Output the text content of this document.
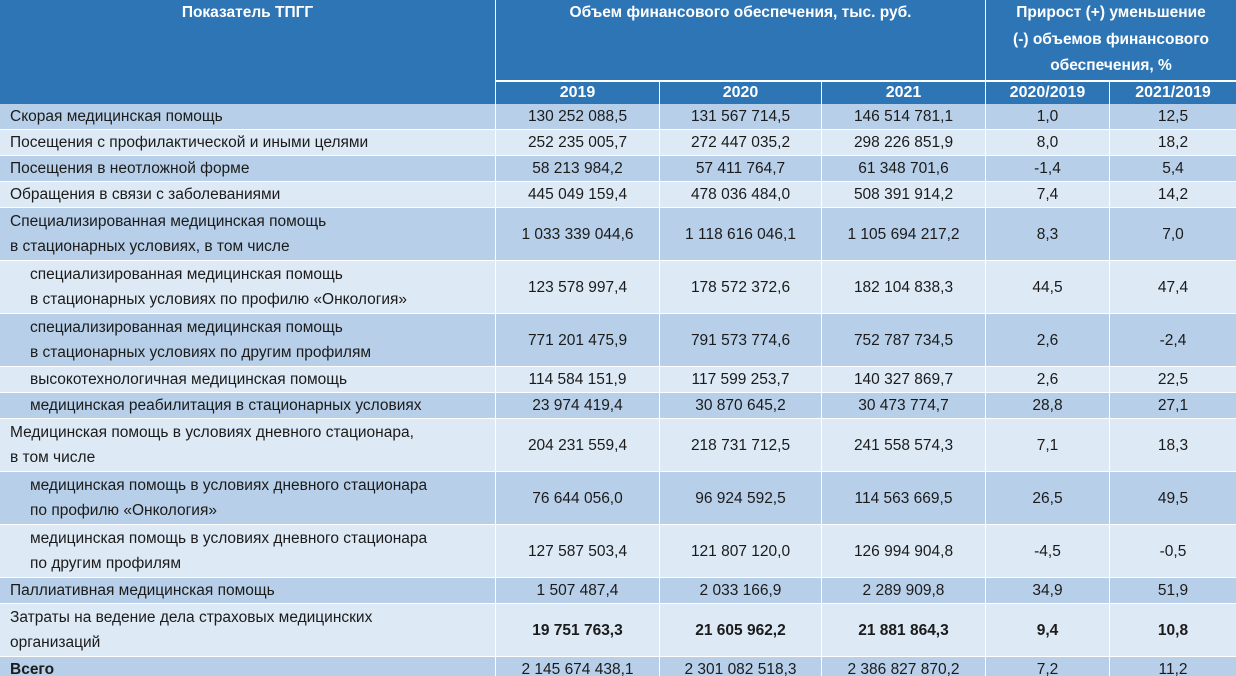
Показатель ТПГГ	Объем финансового обеспечения, тыс. руб.			Прирост (+) уменьшение
(-) объемов финансового
обеспечения, %	

	2019	2020	2021	2020/2019	2021/2019

Скорая медицинская помощь	130 252 088,5	131 567 714,5	146 514 781,1	1,0	12,5

Посещения с профилактической и иными целями	252 235 005,7	272 447 035,2	298 226 851,9	8,0	18,2

Посещения в неотложной форме	58 213 984,2	57 411 764,7	61 348 701,6	-1,4	5,4

Обращения в связи с заболеваниями	445 049 159,4	478 036 484,0	508 391 914,2	7,4	14,2

Специализированная медицинская помощь
в стационарных условиях, в том числе	1 033 339 044,6	1 118 616 046,1	1 105 694 217,2	8,3	7,0

специализированная медицинская помощь
в стационарных условиях по профилю «Онкология»	123 578 997,4	178 572 372,6	182 104 838,3	44,5	47,4

специализированная медицинская помощь
в стационарных условиях по другим профилям	771 201 475,9	791 573 774,6	752 787 734,5	2,6	-2,4

высокотехнологичная медицинская помощь	114 584 151,9	117 599 253,7	140 327 869,7	2,6	22,5

медицинская реабилитация в стационарных условиях	23 974 419,4	30 870 645,2	30 473 774,7	28,8	27,1

Медицинская помощь в условиях дневного стационара,
в том числе	204 231 559,4	218 731 712,5	241 558 574,3	7,1	18,3

медицинская помощь в условиях дневного стационара
по профилю «Онкология»	76 644 056,0	96 924 592,5	114 563 669,5	26,5	49,5

медицинская помощь в условиях дневного стационара
по другим профилям	127 587 503,4	121 807 120,0	126 994 904,8	-4,5	-0,5

Паллиативная медицинская помощь	1 507 487,4	2 033 166,9	2 289 909,8	34,9	51,9

Затраты на ведение дела страховых медицинских
организаций	19 751 763,3	21 605 962,2	21 881 864,3	9,4	10,8

Всего	2 145 674 438,1	2 301 082 518,3	2 386 827 870,2	7,2	11,2
